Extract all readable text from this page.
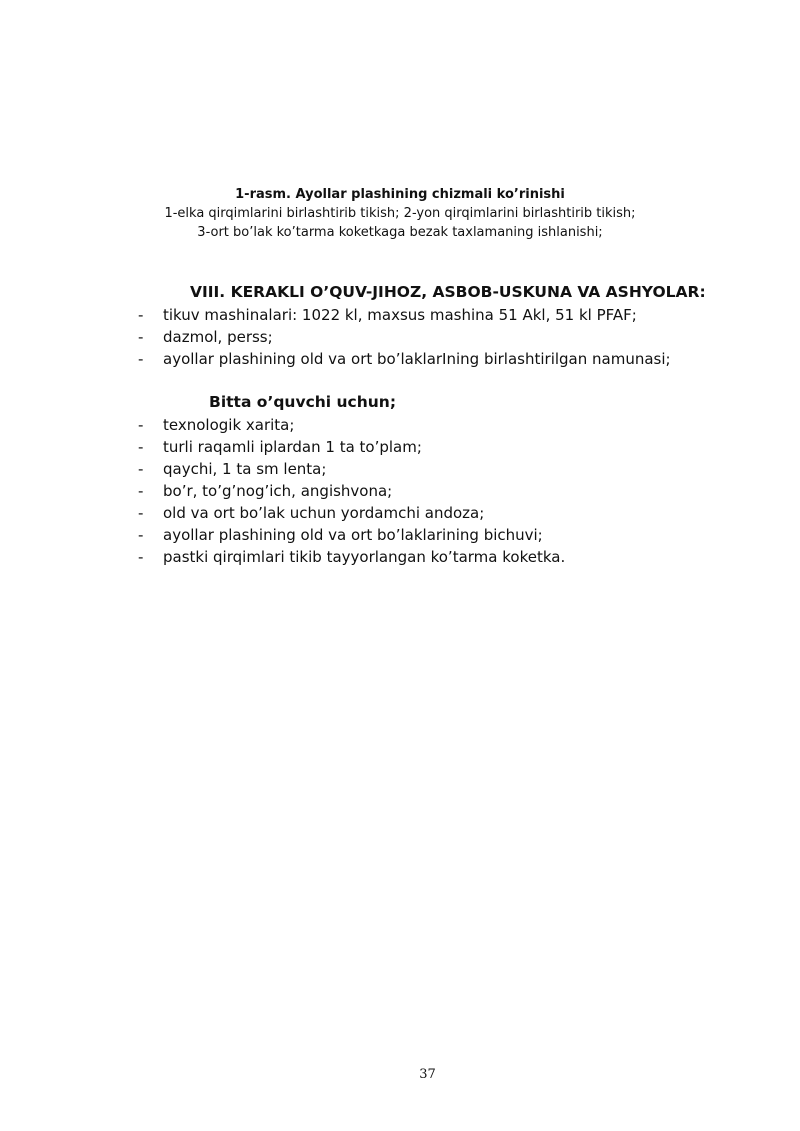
1-rasm. Ayollar plashining chizmali ko’rinishi
1-elka qirqimlarini birlashtirib tikish; 2-yon qirqimlarini birlashtirib tikish;
3-ort bo’lak ko’tarma koketkaga bezak taxlamaning ishlanishi;
VIII. KERAKLI O’QUV-JIHOZ, ASBOB-USKUNA VA ASHYOLAR:
- tikuv mashinalari: 1022 kl, maxsus mashina 51 Akl, 51 kl PFAF;
- dazmol, perss;
- ayollar plashining old va ort bo’laklarIning birlashtirilgan namunasi;
Bitta o’quvchi uchun;
- texnologik xarita;
- turli raqamli iplardan 1 ta to’plam;
- qaychi, 1 ta sm lenta;
- bo’r, to’g’nog’ich, angishvona;
- old va ort bo’lak uchun yordamchi andoza;
- ayollar plashining old va ort bo’laklarining bichuvi;
- pastki qirqimlari tikib tayyorlangan ko’tarma koketka.
37
